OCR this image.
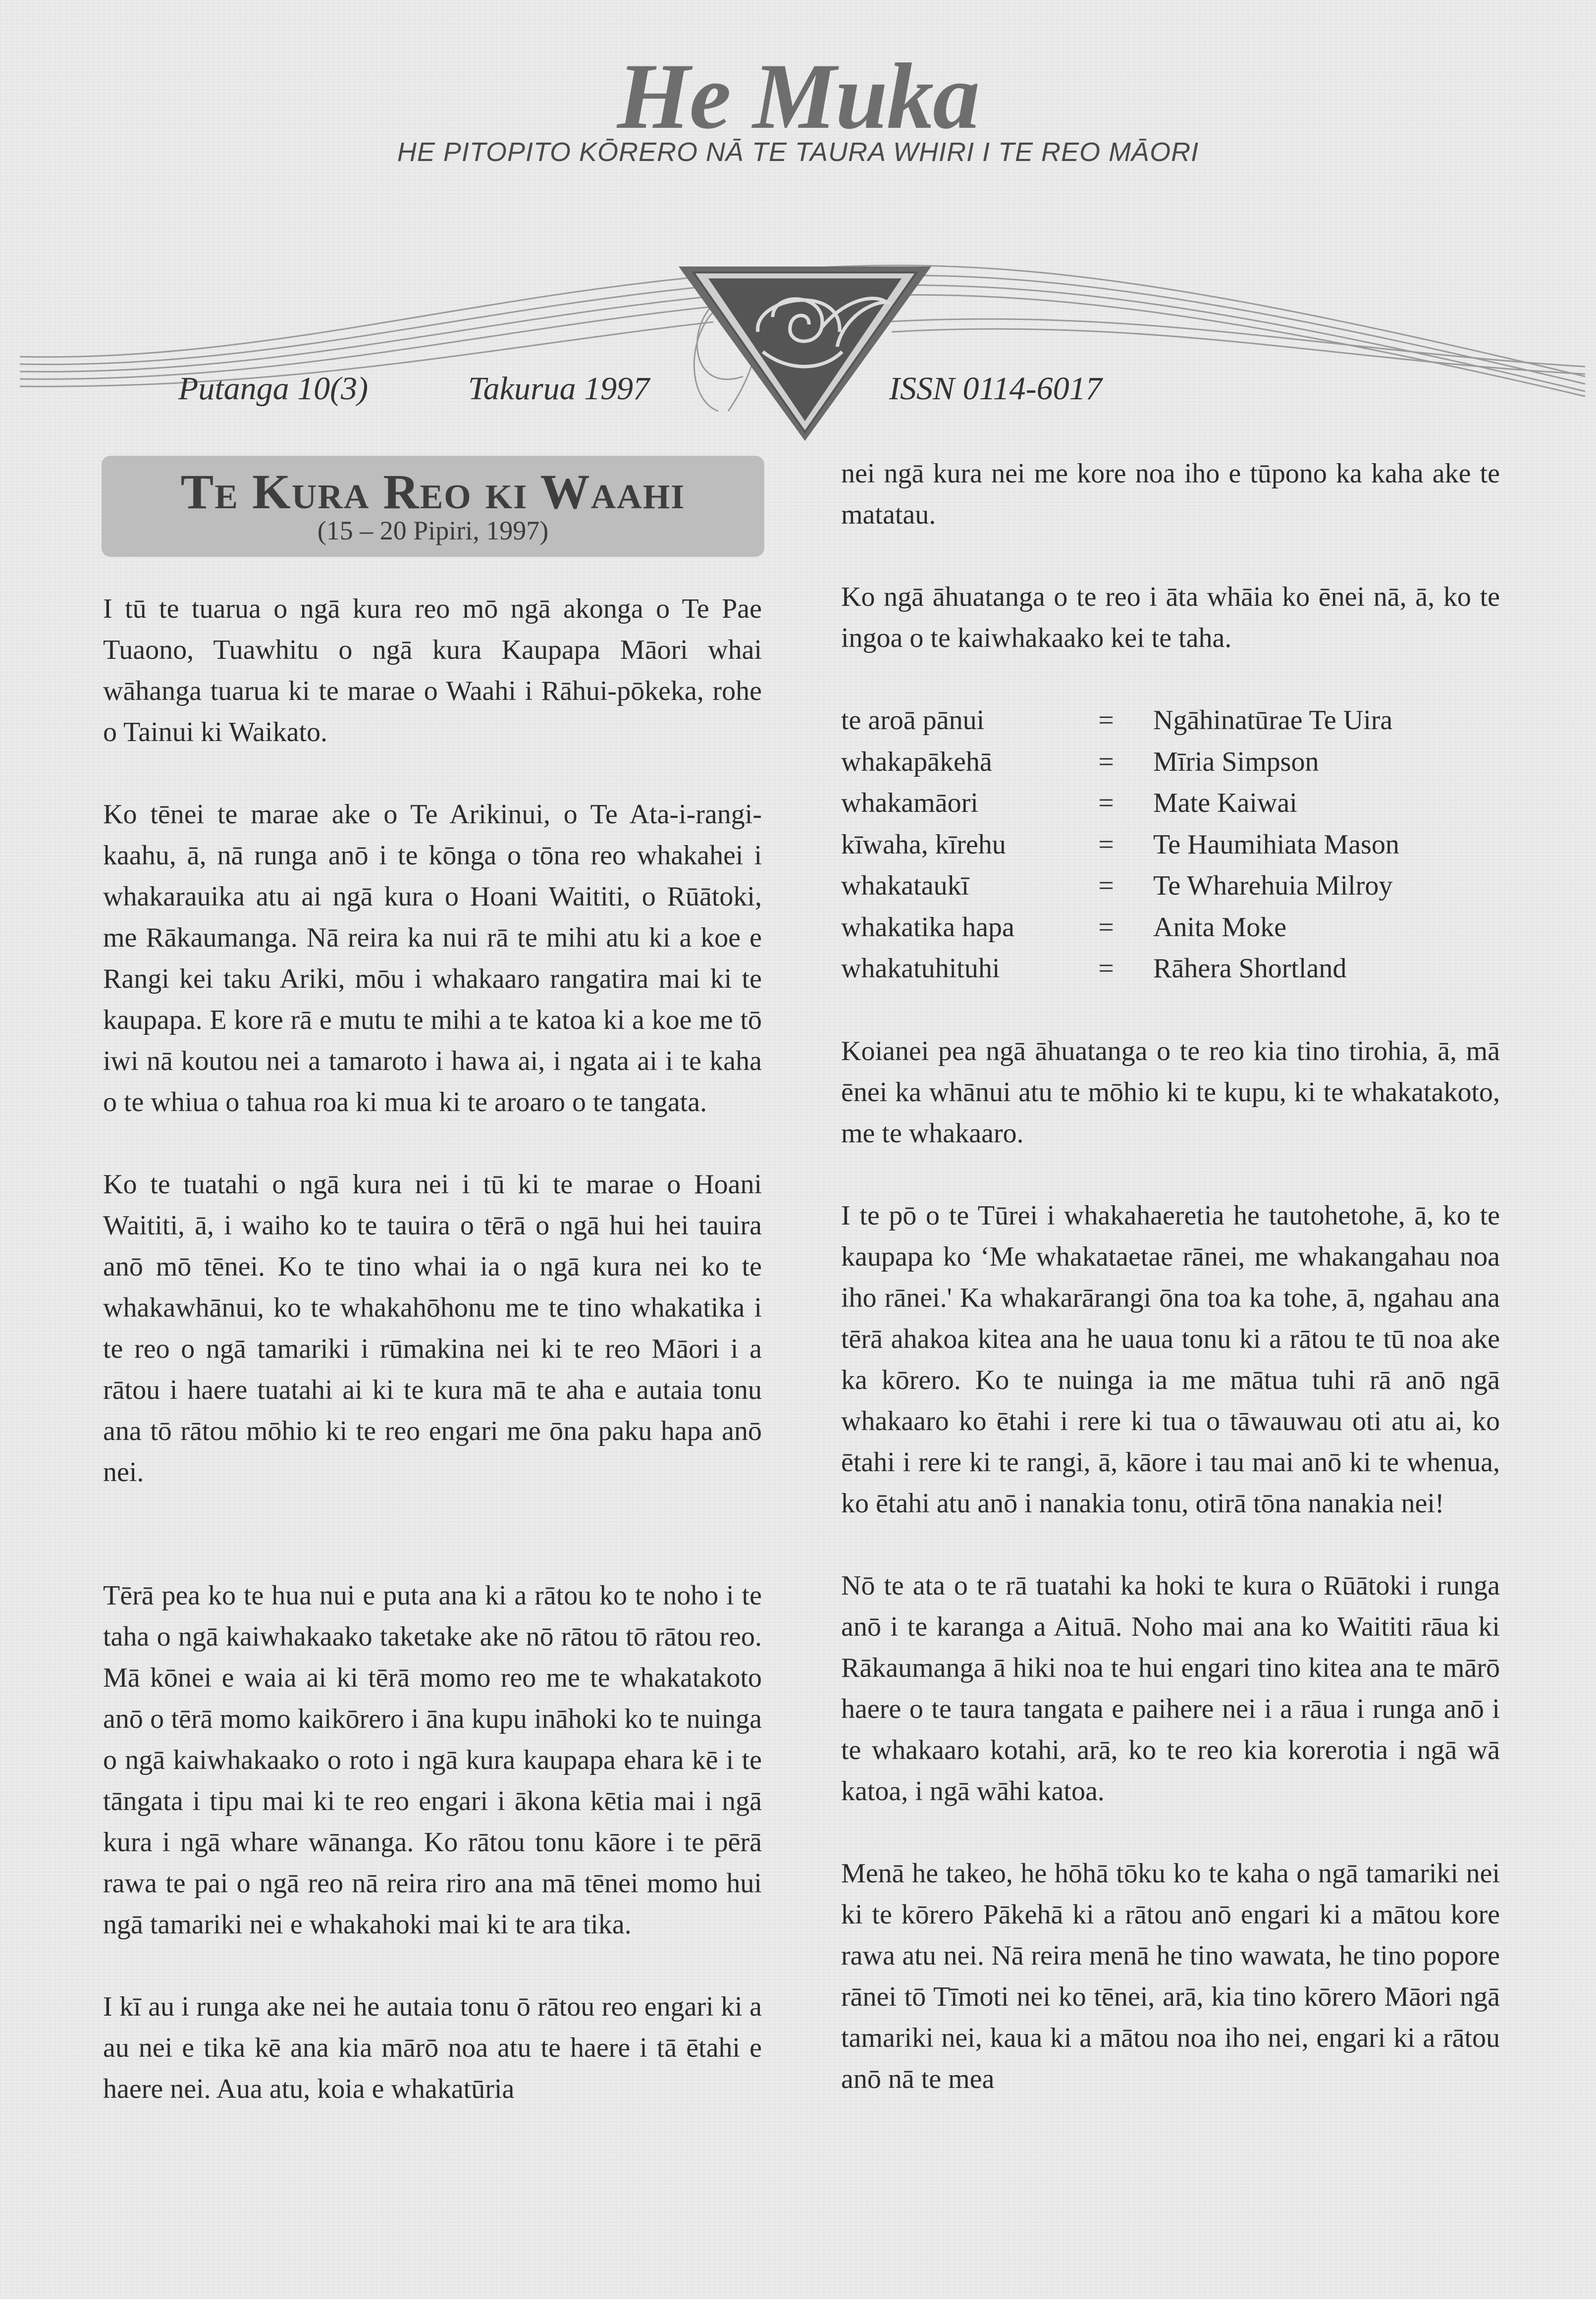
He Muka
HE PITOPITO KŌRERO NĀ TE TAURA WHIRI I TE REO MĀORI
Putanga 10(3)	Takurua 1997	ISSN 0114-6017
Te Kura Reo ki Waahi
(15 – 20 Pipiri, 1997)

I tū te tuarua o ngā kura reo mō ngā akonga o Te Pae Tuaono, Tuawhitu o ngā kura Kaupapa Māori whai wāhanga tuarua ki te marae o Waahi i Rāhui-pōkeka, rohe o Tainui ki Waikato.

Ko tēnei te marae ake o Te Arikinui, o Te Ata-i-rangi-kaahu, ā, nā runga anō i te kōnga o tōna reo whakahei i whakarauika atu ai ngā kura o Hoani Waititi, o Rūātoki, me Rākaumanga. Nā reira ka nui rā te mihi atu ki a koe e Rangi kei taku Ariki, mōu i whakaaro rangatira mai ki te kaupapa. E kore rā e mutu te mihi a te katoa ki a koe me tō iwi nā koutou nei a tamaroto i hawa ai, i ngata ai i te kaha o te whiua o tahua roa ki mua ki te aroaro o te tangata.

Ko te tuatahi o ngā kura nei i tū ki te marae o Hoani Waititi, ā, i waiho ko te tauira o tērā o ngā hui hei tauira anō mō tēnei. Ko te tino whai ia o ngā kura nei ko te whakawhānui, ko te whakahōhonu me te tino whakatika i te reo o ngā tamariki i rūmakina nei ki te reo Māori i a rātou i haere tuatahi ai ki te kura mā te aha e autaia tonu ana tō rātou mōhio ki te reo engari me ōna paku hapa anō nei.

Tērā pea ko te hua nui e puta ana ki a rātou ko te noho i te taha o ngā kaiwhakaako taketake ake nō rātou tō rātou reo. Mā kōnei e waia ai ki tērā momo reo me te whakatakoto anō o tērā momo kaikōrero i āna kupu ināhoki ko te nuinga o ngā kaiwhakaako o roto i ngā kura kaupapa ehara kē i te tāngata i tipu mai ki te reo engari i ākona kētia mai i ngā kura i ngā whare wānanga. Ko rātou tonu kāore i te pērā rawa te pai o ngā reo nā reira riro ana mā tēnei momo hui ngā tamariki nei e whakahoki mai ki te ara tika.

I kī au i runga ake nei he autaia tonu ō rātou reo engari ki a au nei e tika kē ana kia mārō noa atu te haere i tā ētahi e haere nei. Aua atu, koia e whakatūria

nei ngā kura nei me kore noa iho e tūpono ka kaha ake te matatau.

Ko ngā āhuatanga o te reo i āta whāia ko ēnei nā, ā, ko te ingoa o te kaiwhakaako kei te taha.

te aroā pānui	=	Ngāhinatūrae Te Uira
whakapākehā	=	Mīria Simpson
whakamāori	=	Mate Kaiwai
kīwaha, kīrehu	=	Te Haumihiata Mason
whakataukī	=	Te Wharehuia Milroy
whakatika hapa	=	Anita Moke
whakatuhituhi	=	Rāhera Shortland

Koianei pea ngā āhuatanga o te reo kia tino tirohia, ā, mā ēnei ka whānui atu te mōhio ki te kupu, ki te whakatakoto, me te whakaaro.

I te pō o te Tūrei i whakahaeretia he tautohetohe, ā, ko te kaupapa ko ‘Me whakataetae rānei, me whakangahau noa iho rānei.' Ka whakarārangi ōna toa ka tohe, ā, ngahau ana tērā ahakoa kitea ana he uaua tonu ki a rātou te tū noa ake ka kōrero. Ko te nuinga ia me mātua tuhi rā anō ngā whakaaro ko ētahi i rere ki tua o tāwauwau oti atu ai, ko ētahi i rere ki te rangi, ā, kāore i tau mai anō ki te whenua, ko ētahi atu anō i nanakia tonu, otirā tōna nanakia nei!

Nō te ata o te rā tuatahi ka hoki te kura o Rūātoki i runga anō i te karanga a Aituā. Noho mai ana ko Waititi rāua ki Rākaumanga ā hiki noa te hui engari tino kitea ana te mārō haere o te taura tangata e paihere nei i a rāua i runga anō i te whakaaro kotahi, arā, ko te reo kia korerotia i ngā wā katoa, i ngā wāhi katoa.

Menā he takeo, he hōhā tōku ko te kaha o ngā tamariki nei ki te kōrero Pākehā ki a rātou anō engari ki a mātou kore rawa atu nei. Nā reira menā he tino wawata, he tino popore rānei tō Tīmoti nei ko tēnei, arā, kia tino kōrero Māori ngā tamariki nei, kaua ki a mātou noa iho nei, engari ki a rātou anō nā te mea
